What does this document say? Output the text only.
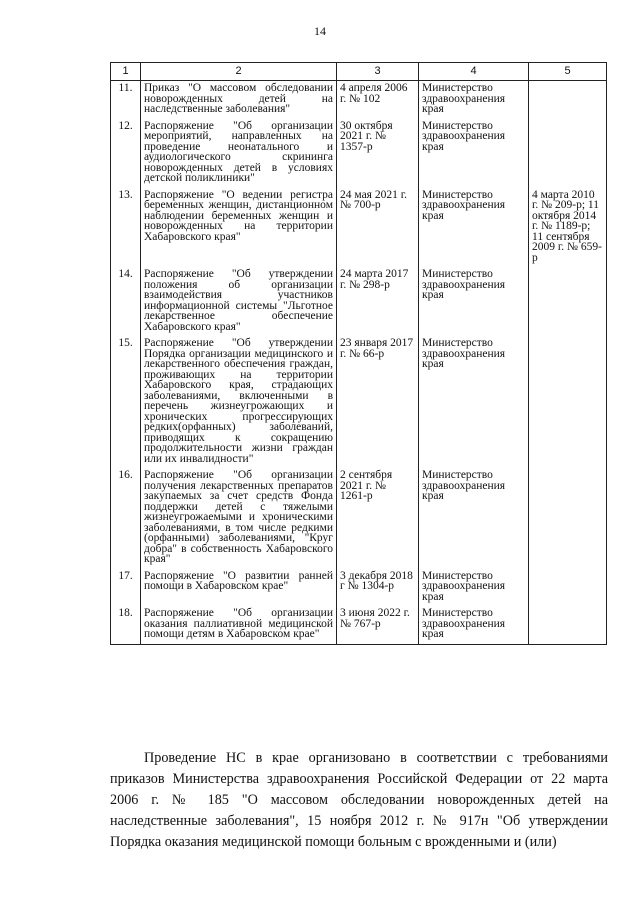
14
1	2	3	4	5
11.	Приказ "О массовом обследовании новорожденных детей на наследственные заболевания"	4 апреля 2006 г. № 102	Министерство здравоохранения края	
12.	Распоряжение "Об организации мероприятий, направленных на проведение неонатального и аудиологического скрининга новорожденных детей в условиях детской поликлиники"	30 октября 2021 г. № 1357-р	Министерство здравоохранения края	
13.	Распоряжение "О ведении регистра беременных женщин, дистанционном наблюдении беременных женщин и новорожденных на территории Хабаровского края"	24 мая 2021 г. № 700-р	Министерство здравоохранения края	4 марта 2010 г. № 209-р; 11 октября 2014 г. № 1189-р; 11 сентября 2009 г. № 659-р
14.	Распоряжение "Об утверждении положения об организации взаимодействия участников информационной системы "Льготное лекарственное обеспечение Хабаровского края"	24 марта 2017 г. № 298-р	Министерство здравоохранения края	
15.	Распоряжение "Об утверждении Порядка организации медицинского и лекарственного обеспечения граждан, проживающих на территории Хабаровского края, страдающих заболеваниями, включенными в перечень жизнеугрожающих и хронических прогрессирующих редких(орфанных) заболеваний, приводящих к сокращению продолжительности жизни граждан или их инвалидности"	23 января 2017 г. № 66-р	Министерство здравоохранения края	
16.	Распоряжение "Об организации получения лекарственных препаратов закупаемых за счет средств Фонда поддержки детей с тяжелыми жизнеугрожаемыми и хроническими заболеваниями, в том числе редкими (орфанными) заболеваниями, "Круг добра" в собственность Хабаровского края"	2 сентября 2021 г. № 1261-р	Министерство здравоохранения края	
17.	Распоряжение "О развитии ранней помощи в Хабаровском крае"	3 декабря 2018 г № 1304-р	Министерство здравоохранения края	
18.	Распоряжение "Об организации оказания паллиативной медицинской помощи детям в Хабаровском крае"	3 июня 2022 г. № 767-р	Министерство здравоохранения края	
Проведение НС в крае организовано в соответствии с требованиями приказов Министерства здравоохранения Российской Федерации от 22 марта 2006 г. № 185 "О массовом обследовании новорожденных детей на наследственные заболевания", 15 ноября 2012 г. № 917н "Об утверждении Порядка оказания медицинской помощи больным с врожденными и (или)
